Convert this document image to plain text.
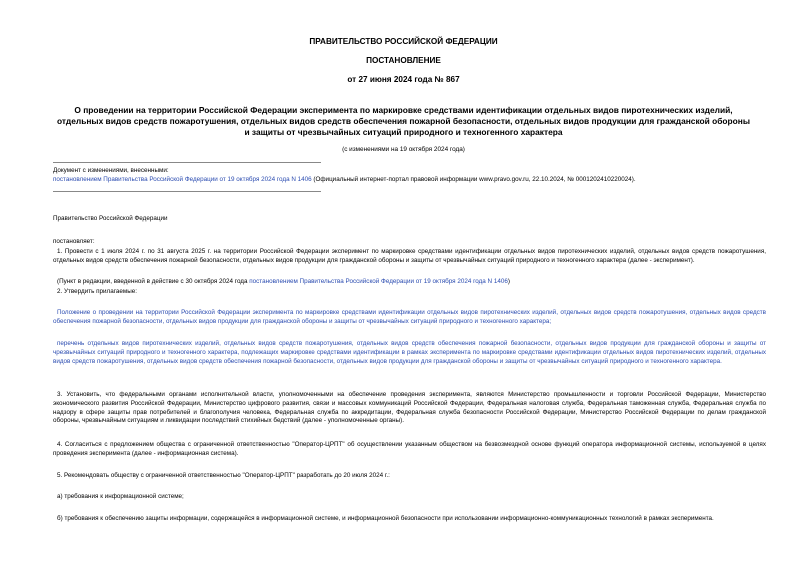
ПРАВИТЕЛЬСТВО РОССИЙСКОЙ ФЕДЕРАЦИИ
ПОСТАНОВЛЕНИЕ
от 27 июня 2024 года № 867
О проведении на территории Российской Федерации эксперимента по маркировке средствами идентификации отдельных видов пиротехнических изделий, отдельных видов средств пожаротушения, отдельных видов средств обеспечения пожарной безопасности, отдельных видов продукции для гражданской обороны и защиты от чрезвычайных ситуаций природного и техногенного характера
(с изменениями на 19 октября 2024 года)
Документ с изменениями, внесенными:
постановлением Правительства Российской Федерации от 19 октября 2024 года N 1406 (Официальный интернет-портал правовой информации www.pravo.gov.ru, 22.10.2024, № 0001202410220024).
Правительство Российской Федерации
постановляет:
1. Провести с 1 июля 2024 г. по 31 августа 2025 г. на территории Российской Федерации эксперимент по маркировке средствами идентификации отдельных видов пиротехнических изделий, отдельных видов средств пожаротушения, отдельных видов средств обеспечения пожарной безопасности, отдельных видов продукции для гражданской обороны и защиты от чрезвычайных ситуаций природного и техногенного характера (далее - эксперимент).
(Пункт в редакции, введенной в действие с 30 октября 2024 года постановлением Правительства Российской Федерации от 19 октября 2024 года N 1406)
2. Утвердить прилагаемые:
Положение о проведении на территории Российской Федерации эксперимента по маркировке средствами идентификации отдельных видов пиротехнических изделий, отдельных видов средств пожаротушения, отдельных видов средств обеспечения пожарной безопасности, отдельных видов продукции для гражданской обороны и защиты от чрезвычайных ситуаций природного и техногенного характера;
перечень отдельных видов пиротехнических изделий, отдельных видов средств пожаротушения, отдельных видов средств обеспечения пожарной безопасности, отдельных видов продукции для гражданской обороны и защиты от чрезвычайных ситуаций природного и техногенного характера, подлежащих маркировке средствами идентификации в рамках эксперимента по маркировке средствами идентификации отдельных видов пиротехнических изделий, отдельных видов средств пожаротушения, отдельных видов средств обеспечения пожарной безопасности, отдельных видов продукции для гражданской обороны и защиты от чрезвычайных ситуаций природного и техногенного характера.
3. Установить, что федеральными органами исполнительной власти, уполномоченными на обеспечение проведения эксперимента, являются Министерство промышленности и торговли Российской Федерации, Министерство экономического развития Российской Федерации, Министерство цифрового развития, связи и массовых коммуникаций Российской Федерации, Федеральная налоговая служба, Федеральная таможенная служба, Федеральная служба по надзору в сфере защиты прав потребителей и благополучия человека, Федеральная служба по аккредитации, Федеральная служба безопасности Российской Федерации, Министерство Российской Федерации по делам гражданской обороны, чрезвычайным ситуациям и ликвидации последствий стихийных бедствий (далее - уполномоченные органы).
4. Согласиться с предложением общества с ограниченной ответственностью "Оператор-ЦРПТ" об осуществлении указанным обществом на безвозмездной основе функций оператора информационной системы, используемой в целях проведения эксперимента (далее - информационная система).
5. Рекомендовать обществу с ограниченной ответственностью "Оператор-ЦРПТ" разработать до 20 июля 2024 г.:
а) требования к информационной системе;
б) требования к обеспечению защиты информации, содержащейся в информационной системе, и информационной безопасности при использовании информационно-коммуникационных технологий в рамках эксперимента.
